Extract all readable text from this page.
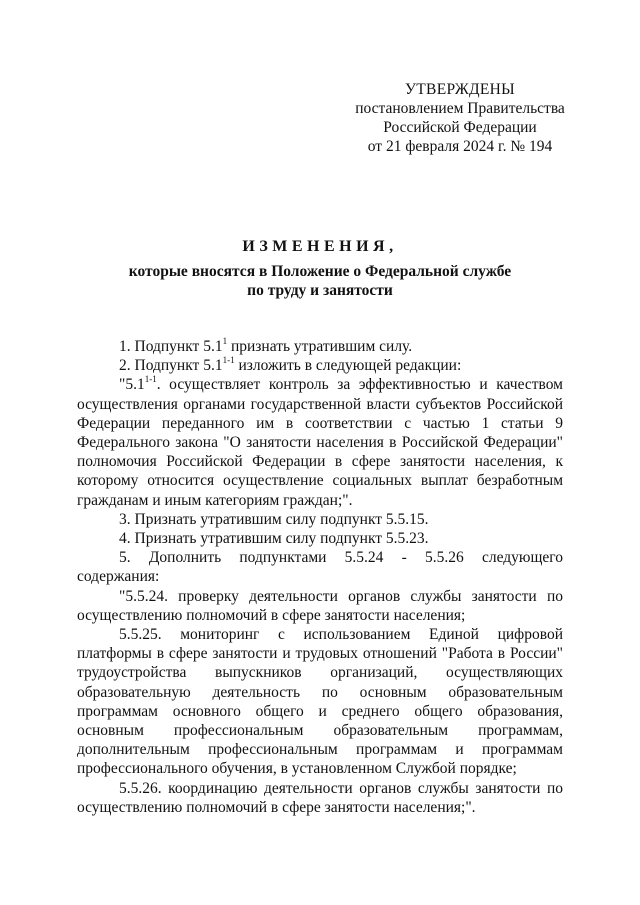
УТВЕРЖДЕНЫ
постановлением Правительства
Российской Федерации
от 21 февраля 2024 г. № 194
ИЗМЕНЕНИЯ,
которые вносятся в Положение о Федеральной службе
по труду и занятости

1. Подпункт $5.1^1$ признать утратившим силу.

2. Подпункт 5.1$^{1-1}$ изложить в следующей редакции:

"5.1$^{1-1}$. осуществляет контроль за эффективностью и качеством осуществления органами государственной власти субъектов Российской Федерации переданного им в соответствии с частью 1 статьи 9 Федерального закона "О занятости населения в Российской Федерации" полномочия Российской Федерации в сфере занятости населения, к которому относится осуществление социальных выплат безработным гражданам и иным категориям граждан;".

3. Признать утратившим силу подпункт 5.5.15.

4. Признать утратившим силу подпункт 5.5.23.

5. Дополнить подпунктами 5.5.24 - 5.5.26 следующего содержания:

"5.5.24. проверку деятельности органов службы занятости по осуществлению полномочий в сфере занятости населения;

5.5.25. мониторинг с использованием Единой цифровой платформы в сфере занятости и трудовых отношений "Работа в России" трудоустройства выпускников организаций, осуществляющих образовательную деятельность по основным образовательным программам основного общего и среднего общего образования, основным профессиональным образовательным программам, дополнительным профессиональным программам и программам профессионального обучения, в установленном Службой порядке;

5.5.26. координацию деятельности органов службы занятости по осуществлению полномочий в сфере занятости населения;".
